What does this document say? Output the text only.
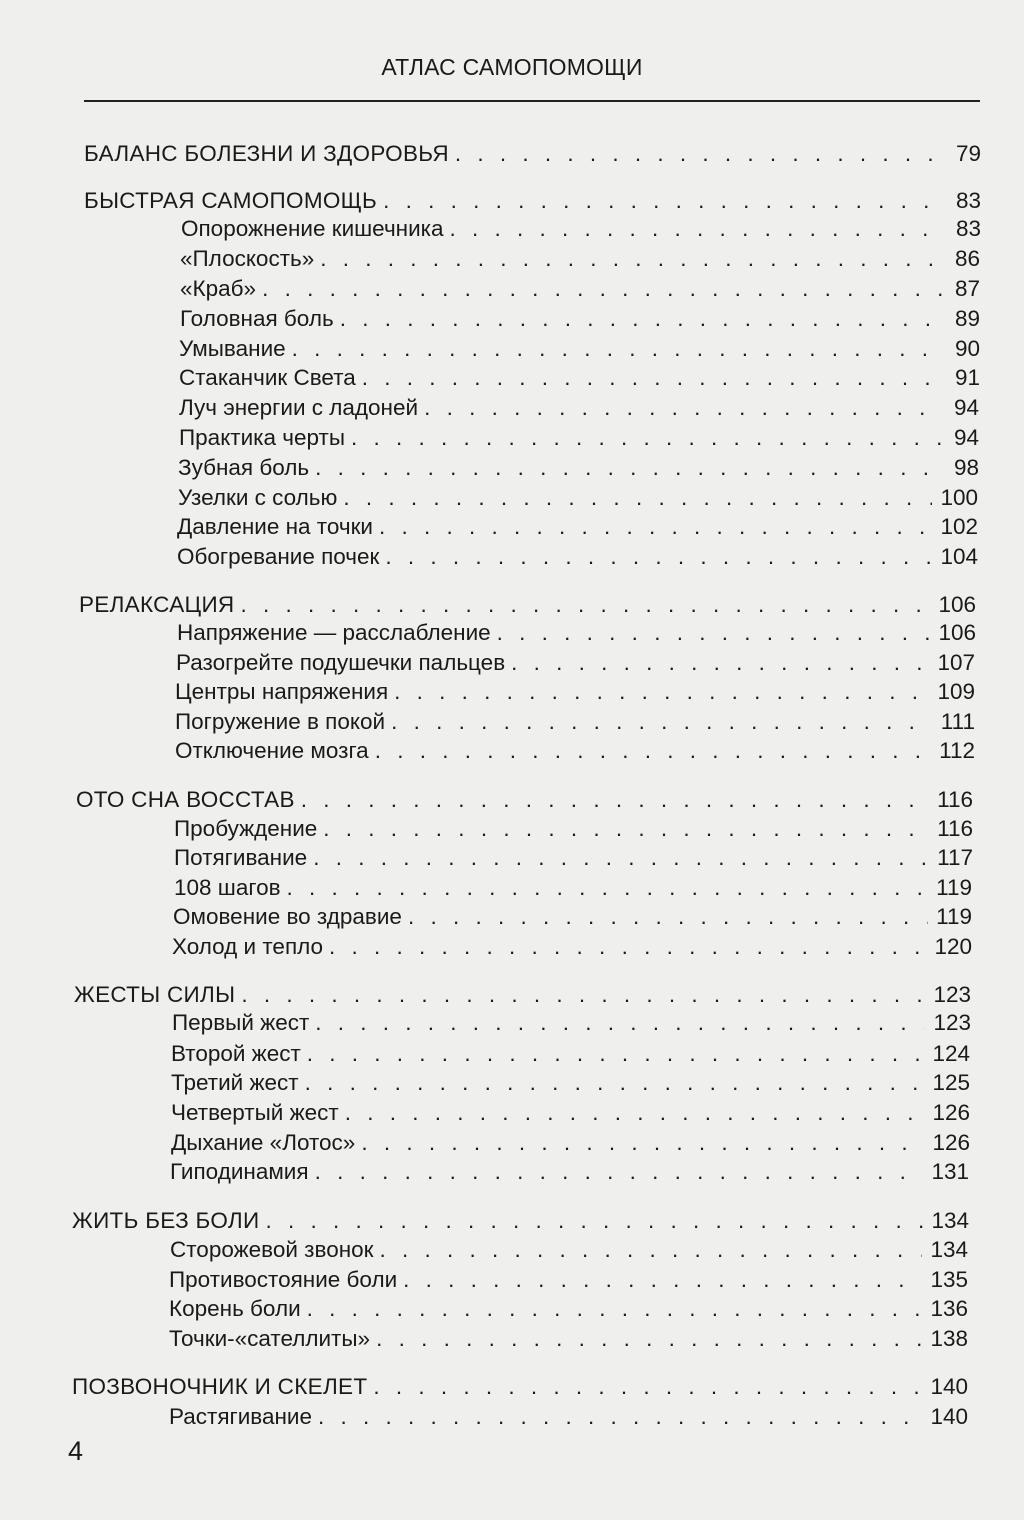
АТЛАС САМОПОМОЩИ
БАЛАНС БОЛЕЗНИ И ЗДОРОВЬЯ . . .	79
БЫСТРАЯ САМОПОМОЩЬ . . .	83
Опорожнение кишечника . . .	83
«Плоскость» . . .	86
«Краб» . . .	87
Головная боль . . .	89
Умывание . . .	90
Стаканчик Света . . .	91
Луч энергии с ладоней . . .	94
Практика черты . . .	94
Зубная боль . . .	98
Узелки с солью . . .	100
Давление на точки . . .	102
Обогревание почек . . .	104
РЕЛАКСАЦИЯ . . .	106
Напряжение — расслабление . . .	106
Разогрейте подушечки пальцев . . .	107
Центры напряжения . . .	109
Погружение в покой . . .	111
Отключение мозга . . .	112
ОТО СНА ВОССТАВ . . .	116
Пробуждение . . .	116
Потягивание . . .	117
108 шагов . . .	119
Омовение во здравие . . .	119
Холод и тепло . . .	120
ЖЕСТЫ СИЛЫ . . .	123
Первый жест . . .	123
Второй жест . . .	124
Третий жест . . .	125
Четвертый жест . . .	126
Дыхание «Лотос» . . .	126
Гиподинамия . . .	131
ЖИТЬ БЕЗ БОЛИ . . .	134
Сторожевой звонок . . .	134
Противостояние боли . . .	135
Корень боли . . .	136
Точки-«сателлиты» . . .	138
ПОЗВОНОЧНИК И СКЕЛЕТ . . .	140
Растягивание . . .	140
4
